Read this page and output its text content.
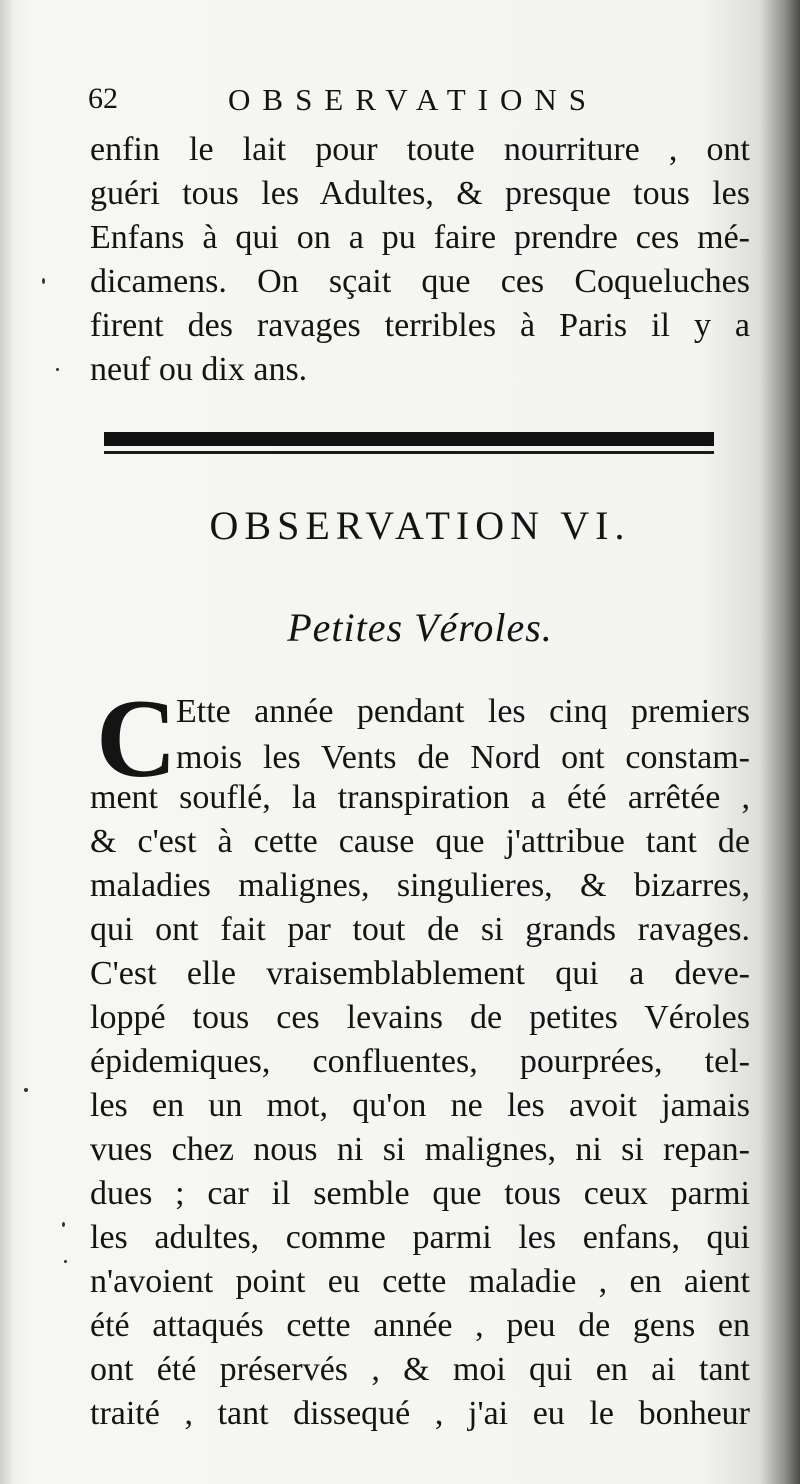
62	OBSERVATIONS
enfin le lait pour toute nourriture , ont
guéri tous les Adultes, & presque tous les
Enfans à qui on a pu faire prendre ces mé-
dicamens. On sçait que ces Coqueluches
firent des ravages terribles à Paris il y a
neuf ou dix ans.
OBSERVATION VI.
Petites Véroles.
C Ette année pendant les cinq premiers
mois les Vents de Nord ont constam-
ment souflé, la transpiration a été arrêtée ,
& c'est à cette cause que j'attribue tant de
maladies malignes, singulieres, & bizarres,
qui ont fait par tout de si grands ravages.
C'est elle vraisemblablement qui a deve-
loppé tous ces levains de petites Véroles
épidemiques, confluentes, pourprées, tel-
les en un mot, qu'on ne les avoit jamais
vues chez nous ni si malignes, ni si repan-
dues ; car il semble que tous ceux parmi
les adultes, comme parmi les enfans, qui
n'avoient point eu cette maladie , en aient
été attaqués cette année , peu de gens en
ont été préservés , & moi qui en ai tant
traité , tant dissequé , j'ai eu le bonheur
